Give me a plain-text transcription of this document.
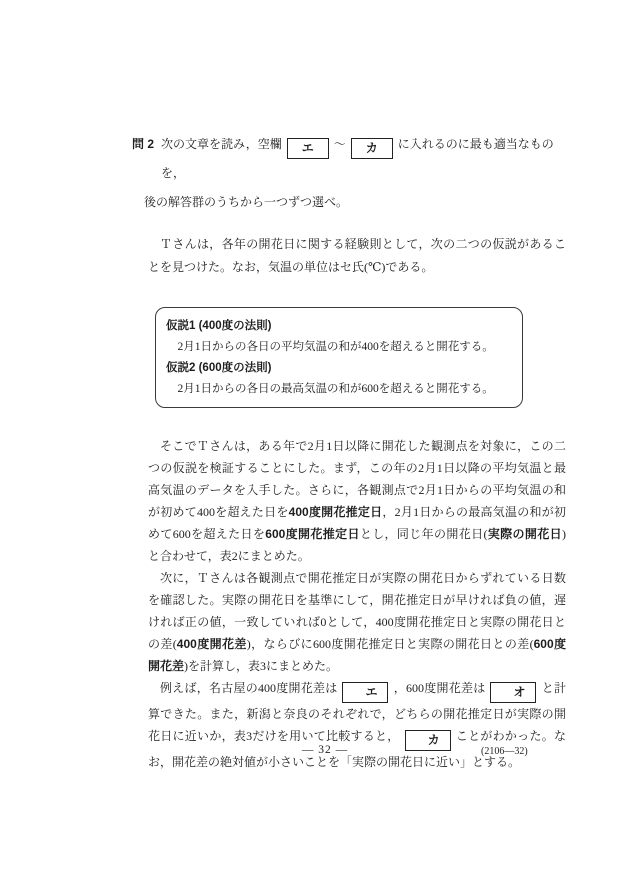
問 2 次の文章を読み，空欄 エ ～ カ に入れるのに最も適当なものを，
後の解答群のうちから一つずつ選べ。

Ｔさんは，各年の開花日に関する経験則として，次の二つの仮説があることを見つけた。なお，気温の単位はセ氏(℃)である。

仮説1 (400度の法則)
2月1日からの各日の平均気温の和が400を超えると開花する。
仮説2 (600度の法則)
2月1日からの各日の最高気温の和が600を超えると開花する。

そこでＴさんは，ある年で2月1日以降に開花した観測点を対象に，この二つの仮説を検証することにした。まず，この年の2月1日以降の平均気温と最高気温のデータを入手した。さらに，各観測点で2月1日からの平均気温の和が初めて400を超えた日を400度開花推定日，2月1日からの最高気温の和が初めて600を超えた日を600度開花推定日とし，同じ年の開花日(実際の開花日)と合わせて，表2にまとめた。

次に，Ｔさんは各観測点で開花推定日が実際の開花日からずれている日数を確認した。実際の開花日を基準にして，開花推定日が早ければ負の値，遅ければ正の値，一致していれば0として，400度開花推定日と実際の開花日との差(400度開花差)，ならびに600度開花推定日と実際の開花日との差(600度開花差)を計算し，表3にまとめた。

例えば，名古屋の400度開花差は エ ，600度開花差は オ と計算できた。また，新潟と奈良のそれぞれで，どちらの開花推定日が実際の開花日に近いか，表3だけを用いて比較すると， カ ことがわかった。なお，開花差の絶対値が小さいことを「実際の開花日に近い」とする。

— 32 —	(2106—32)
